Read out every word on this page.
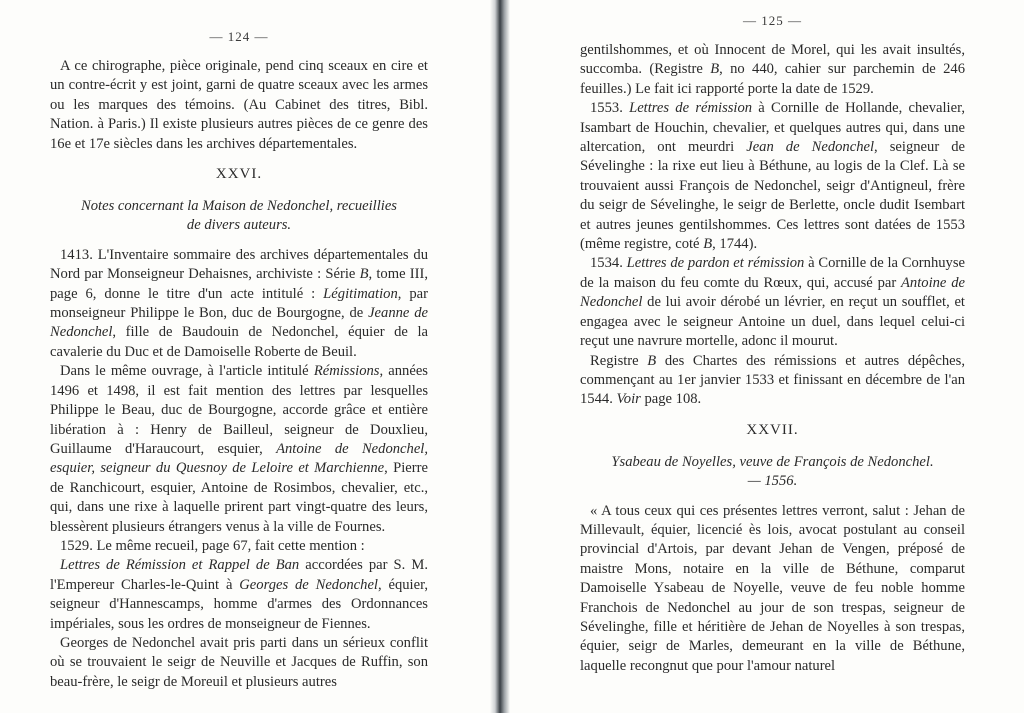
— 124 —

A ce chirographe, pièce originale, pend cinq sceaux en cire et un contre-écrit y est joint, garni de quatre sceaux avec les armes ou les marques des témoins. (Au Cabinet des titres, Bibl. Nation. à Paris.) Il existe plusieurs autres pièces de ce genre des 16e et 17e siècles dans les archives départementales.

XXVI.
Notes concernant la Maison de Nedonchel, recueillies de divers auteurs.

1413. L'Inventaire sommaire des archives départementales du Nord par Monseigneur Dehaisnes, archiviste : Série B, tome III, page 6, donne le titre d'un acte intitulé : Légitimation, par monseigneur Philippe le Bon, duc de Bourgogne, de Jeanne de Nedonchel, fille de Baudouin de Nedonchel, équier de la cavalerie du Duc et de Damoiselle Roberte de Beuil.

Dans le même ouvrage, à l'article intitulé Rémissions, années 1496 et 1498, il est fait mention des lettres par lesquelles Philippe le Beau, duc de Bourgogne, accorde grâce et entière libération à : Henry de Bailleul, seigneur de Douxlieu, Guillaume d'Haraucourt, esquier, Antoine de Nedonchel, esquier, seigneur du Quesnoy de Leloire et Marchienne, Pierre de Ranchicourt, esquier, Antoine de Rosimbos, chevalier, etc., qui, dans une rixe à laquelle prirent part vingt-quatre des leurs, blessèrent plusieurs étrangers venus à la ville de Fournes.

1529. Le même recueil, page 67, fait cette mention :

Lettres de Rémission et Rappel de Ban accordées par S. M. l'Empereur Charles-le-Quint à Georges de Nedonchel, équier, seigneur d'Hannescamps, homme d'armes des Ordonnances impériales, sous les ordres de monseigneur de Fiennes.

Georges de Nedonchel avait pris parti dans un sérieux conflit où se trouvaient le seigr de Neuville et Jacques de Ruffin, son beau-frère, le seigr de Moreuil et plusieurs autres

— 125 —

gentilshommes, et où Innocent de Morel, qui les avait insultés, succomba. (Registre B, no 440, cahier sur parchemin de 246 feuilles.) Le fait ici rapporté porte la date de 1529.

1553. Lettres de rémission à Cornille de Hollande, chevalier, Isambart de Houchin, chevalier, et quelques autres qui, dans une altercation, ont meurdri Jean de Nedonchel, seigneur de Sévelinghe : la rixe eut lieu à Béthune, au logis de la Clef. Là se trouvaient aussi François de Nedonchel, seigr d'Antigneul, frère du seigr de Sévelinghe, le seigr de Berlette, oncle dudit Isembart et autres jeunes gentilshommes. Ces lettres sont datées de 1553 (même registre, coté B, 1744).

1534. Lettres de pardon et rémission à Cornille de la Cornhuyse de la maison du feu comte du Rœux, qui, accusé par Antoine de Nedonchel de lui avoir dérobé un lévrier, en reçut un soufflet, et engagea avec le seigneur Antoine un duel, dans lequel celui-ci reçut une navrure mortelle, adonc il mourut.

Registre B des Chartes des rémissions et autres dépêches, commençant au 1er janvier 1533 et finissant en décembre de l'an 1544. Voir page 108.

XXVII.
Ysabeau de Noyelles, veuve de François de Nedonchel. — 1556.

« A tous ceux qui ces présentes lettres verront, salut : Jehan de Millevault, équier, licencié ès lois, avocat postulant au conseil provincial d'Artois, par devant Jehan de Vengen, préposé de maistre Mons, notaire en la ville de Béthune, comparut Damoiselle Ysabeau de Noyelle, veuve de feu noble homme Franchois de Nedonchel au jour de son trespas, seigneur de Sévelinghe, fille et héritière de Jehan de Noyelles à son trespas, équier, seigr de Marles, demeurant en la ville de Béthune, laquelle recongnut que pour l'amour naturel
